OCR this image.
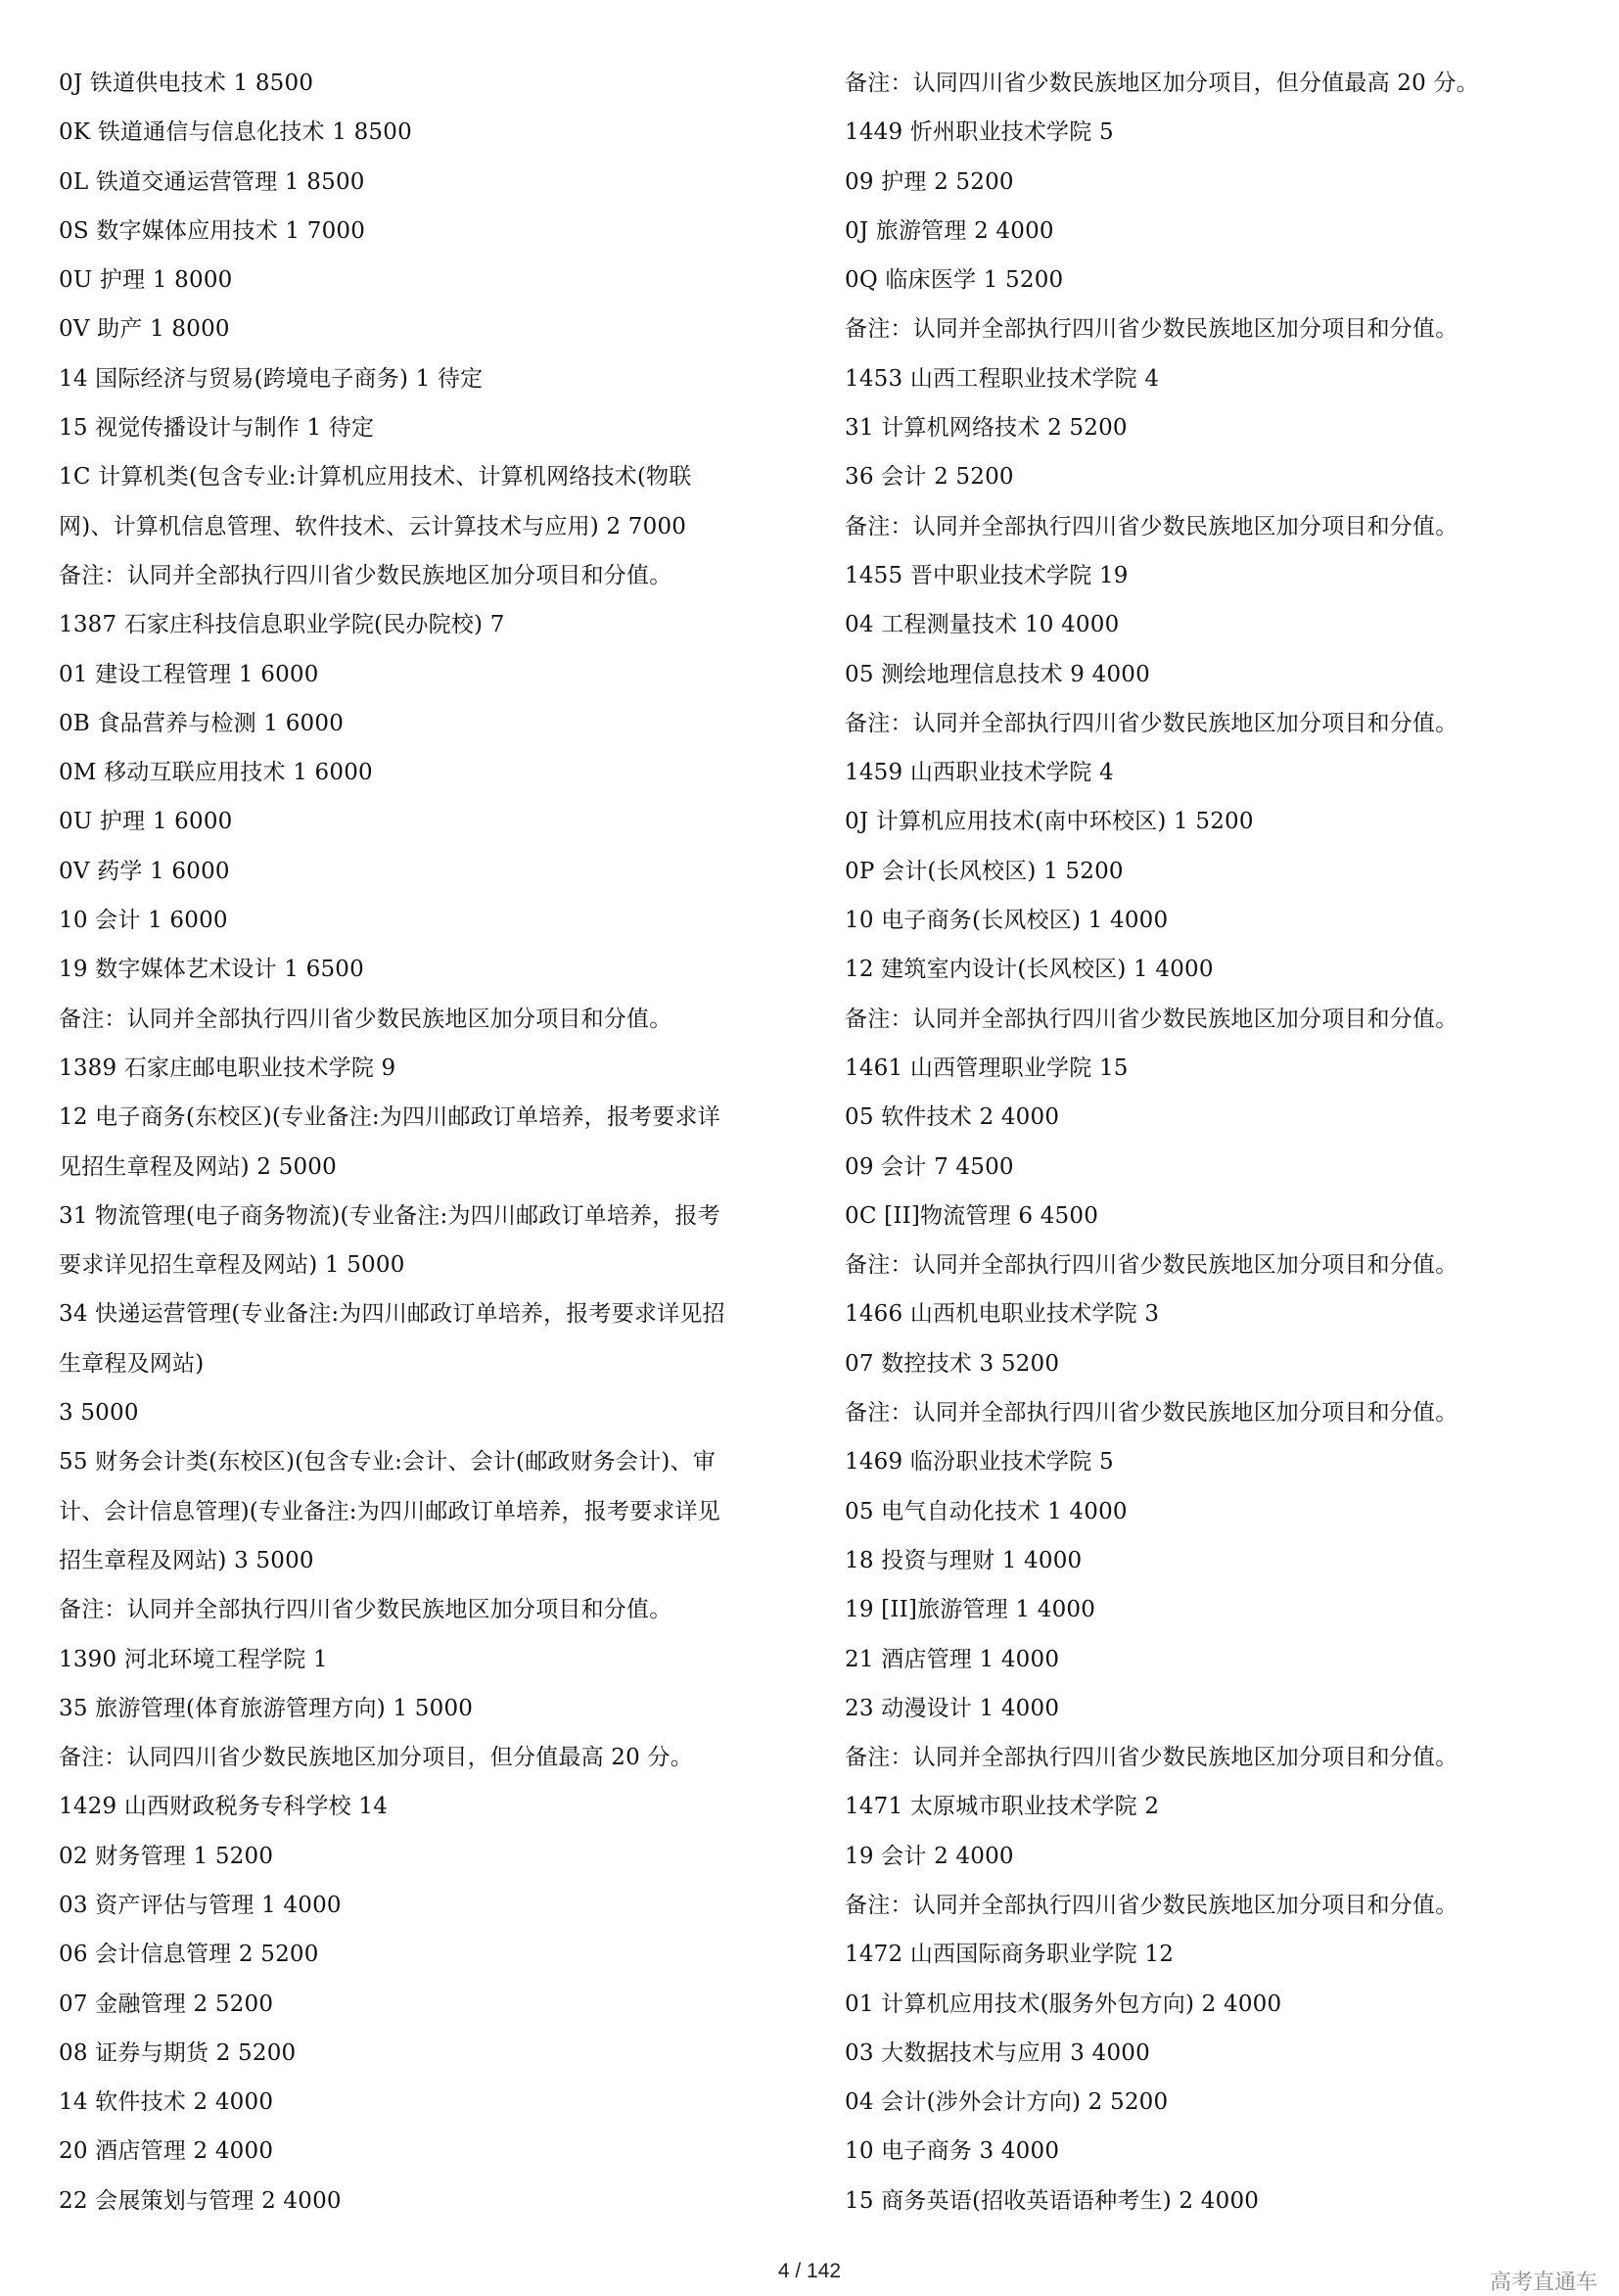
0J 铁道供电技术 1 8500
0K 铁道通信与信息化技术 1 8500
0L 铁道交通运营管理 1 8500
0S 数字媒体应用技术 1 7000
0U 护理 1 8000
0V 助产 1 8000
14 国际经济与贸易(跨境电子商务) 1 待定
15 视觉传播设计与制作 1 待定
1C 计算机类(包含专业:计算机应用技术、计算机网络技术(物联
网)、计算机信息管理、软件技术、云计算技术与应用) 2 7000
备注：认同并全部执行四川省少数民族地区加分项目和分值。
1387 石家庄科技信息职业学院(民办院校) 7
01 建设工程管理 1 6000
0B 食品营养与检测 1 6000
0M 移动互联应用技术 1 6000
0U 护理 1 6000
0V 药学 1 6000
10 会计 1 6000
19 数字媒体艺术设计 1 6500
备注：认同并全部执行四川省少数民族地区加分项目和分值。
1389 石家庄邮电职业技术学院 9
12 电子商务(东校区)(专业备注:为四川邮政订单培养，报考要求详
见招生章程及网站) 2 5000
31 物流管理(电子商务物流)(专业备注:为四川邮政订单培养，报考
要求详见招生章程及网站) 1 5000
34 快递运营管理(专业备注:为四川邮政订单培养，报考要求详见招
生章程及网站)
3 5000
55 财务会计类(东校区)(包含专业:会计、会计(邮政财务会计)、审
计、会计信息管理)(专业备注:为四川邮政订单培养，报考要求详见
招生章程及网站) 3 5000
备注：认同并全部执行四川省少数民族地区加分项目和分值。
1390 河北环境工程学院 1
35 旅游管理(体育旅游管理方向) 1 5000
备注：认同四川省少数民族地区加分项目，但分值最高 20 分。
1429 山西财政税务专科学校 14
02 财务管理 1 5200
03 资产评估与管理 1 4000
06 会计信息管理 2 5200
07 金融管理 2 5200
08 证券与期货 2 5200
14 软件技术 2 4000
20 酒店管理 2 4000
22 会展策划与管理 2 4000
备注：认同四川省少数民族地区加分项目，但分值最高 20 分。
1449 忻州职业技术学院 5
09 护理 2 5200
0J 旅游管理 2 4000
0Q 临床医学 1 5200
备注：认同并全部执行四川省少数民族地区加分项目和分值。
1453 山西工程职业技术学院 4
31 计算机网络技术 2 5200
36 会计 2 5200
备注：认同并全部执行四川省少数民族地区加分项目和分值。
1455 晋中职业技术学院 19
04 工程测量技术 10 4000
05 测绘地理信息技术 9 4000
备注：认同并全部执行四川省少数民族地区加分项目和分值。
1459 山西职业技术学院 4
0J 计算机应用技术(南中环校区) 1 5200
0P 会计(长风校区) 1 5200
10 电子商务(长风校区) 1 4000
12 建筑室内设计(长风校区) 1 4000
备注：认同并全部执行四川省少数民族地区加分项目和分值。
1461 山西管理职业学院 15
05 软件技术 2 4000
09 会计 7 4500
0C [II]物流管理 6 4500
备注：认同并全部执行四川省少数民族地区加分项目和分值。
1466 山西机电职业技术学院 3
07 数控技术 3 5200
备注：认同并全部执行四川省少数民族地区加分项目和分值。
1469 临汾职业技术学院 5
05 电气自动化技术 1 4000
18 投资与理财 1 4000
19 [II]旅游管理 1 4000
21 酒店管理 1 4000
23 动漫设计 1 4000
备注：认同并全部执行四川省少数民族地区加分项目和分值。
1471 太原城市职业技术学院 2
19 会计 2 4000
备注：认同并全部执行四川省少数民族地区加分项目和分值。
1472 山西国际商务职业学院 12
01 计算机应用技术(服务外包方向) 2 4000
03 大数据技术与应用 3 4000
04 会计(涉外会计方向) 2 5200
10 电子商务 3 4000
15 商务英语(招收英语语种考生) 2 4000
4 / 142	高考直通车
